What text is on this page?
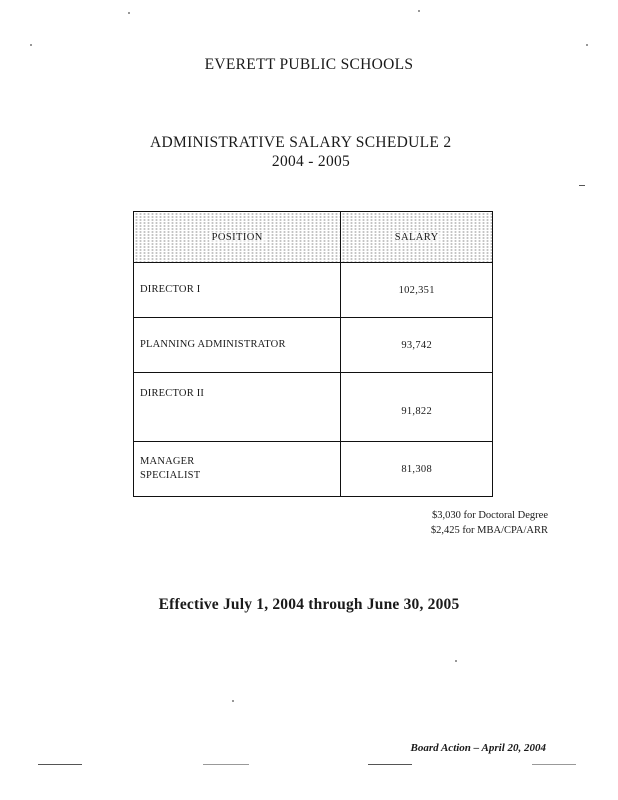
EVERETT PUBLIC SCHOOLS
ADMINISTRATIVE SALARY SCHEDULE 2
2004 - 2005
POSITION	SALARY
DIRECTOR I	102,351
PLANNING ADMINISTRATOR	93,742
DIRECTOR II	91,822

MANAGER
SPECIALIST	81,308
$3,030 for Doctoral Degree
$2,425 for MBA/CPA/ARR
Effective July 1, 2004 through June 30, 2005
Board Action – April 20, 2004
